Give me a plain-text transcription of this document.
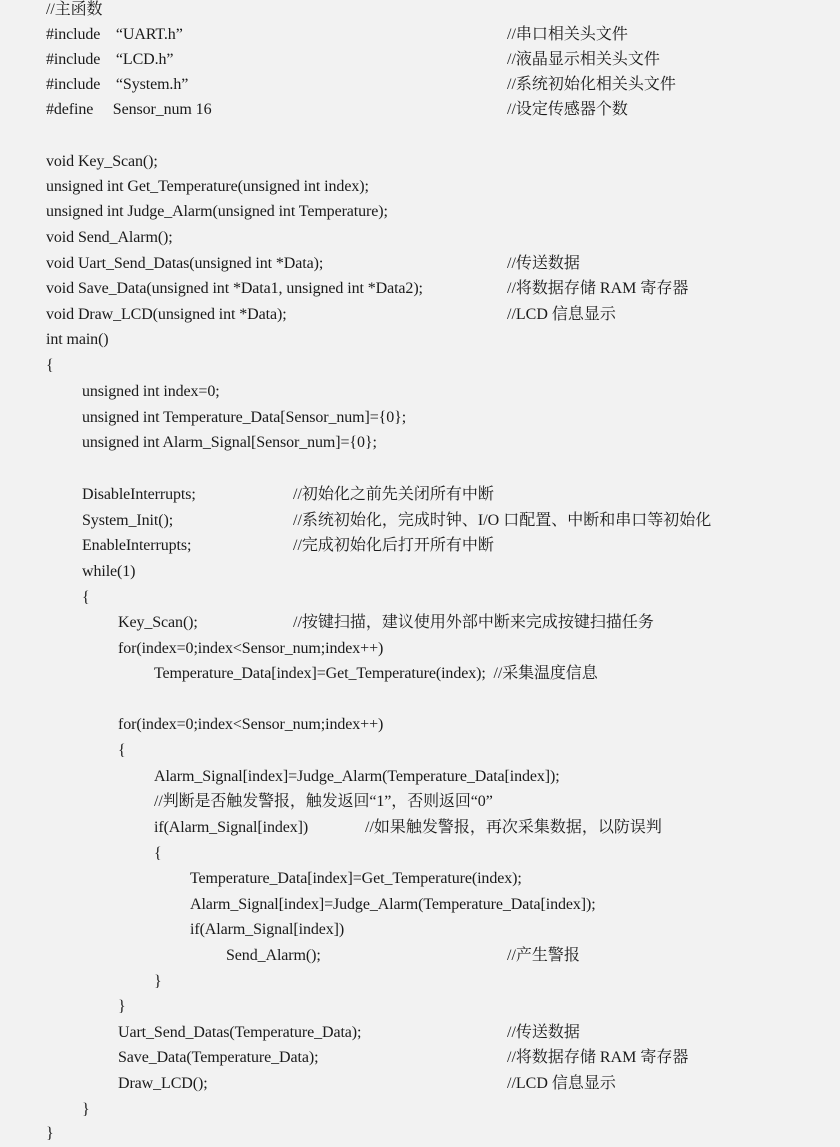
//主函数
#include    “UART.h”	//串口相关头文件
#include    “LCD.h”	//液晶显示相关头文件
#include    “System.h”	//系统初始化相关头文件
#define     Sensor_num 16	//设定传感器个数
void Key_Scan();
unsigned int Get_Temperature(unsigned int index);
unsigned int Judge_Alarm(unsigned int Temperature);
void Send_Alarm();
void Uart_Send_Datas(unsigned int *Data);	//传送数据
void Save_Data(unsigned int *Data1, unsigned int *Data2);	//将数据存储 RAM 寄存器
void Draw_LCD(unsigned int *Data);	//LCD 信息显示
int main()
{
unsigned int index=0;
unsigned int Temperature_Data[Sensor_num]={0};
unsigned int Alarm_Signal[Sensor_num]={0};
DisableInterrupts;	//初始化之前先关闭所有中断
System_Init();	//系统初始化，完成时钟、I/O 口配置、中断和串口等初始化
EnableInterrupts;	//完成初始化后打开所有中断
while(1)
{
Key_Scan();	//按键扫描，建议使用外部中断来完成按键扫描任务
for(index=0;index<Sensor_num;index++)
Temperature_Data[index]=Get_Temperature(index);  //采集温度信息
for(index=0;index<Sensor_num;index++)
{
Alarm_Signal[index]=Judge_Alarm(Temperature_Data[index]);
//判断是否触发警报，触发返回“1”，否则返回“0”
if(Alarm_Signal[index])	//如果触发警报，再次采集数据，以防误判
{
Temperature_Data[index]=Get_Temperature(index);
Alarm_Signal[index]=Judge_Alarm(Temperature_Data[index]);
if(Alarm_Signal[index])
Send_Alarm();	//产生警报
}
}
Uart_Send_Datas(Temperature_Data);	//传送数据
Save_Data(Temperature_Data);	//将数据存储 RAM 寄存器
Draw_LCD();	//LCD 信息显示
}
}
